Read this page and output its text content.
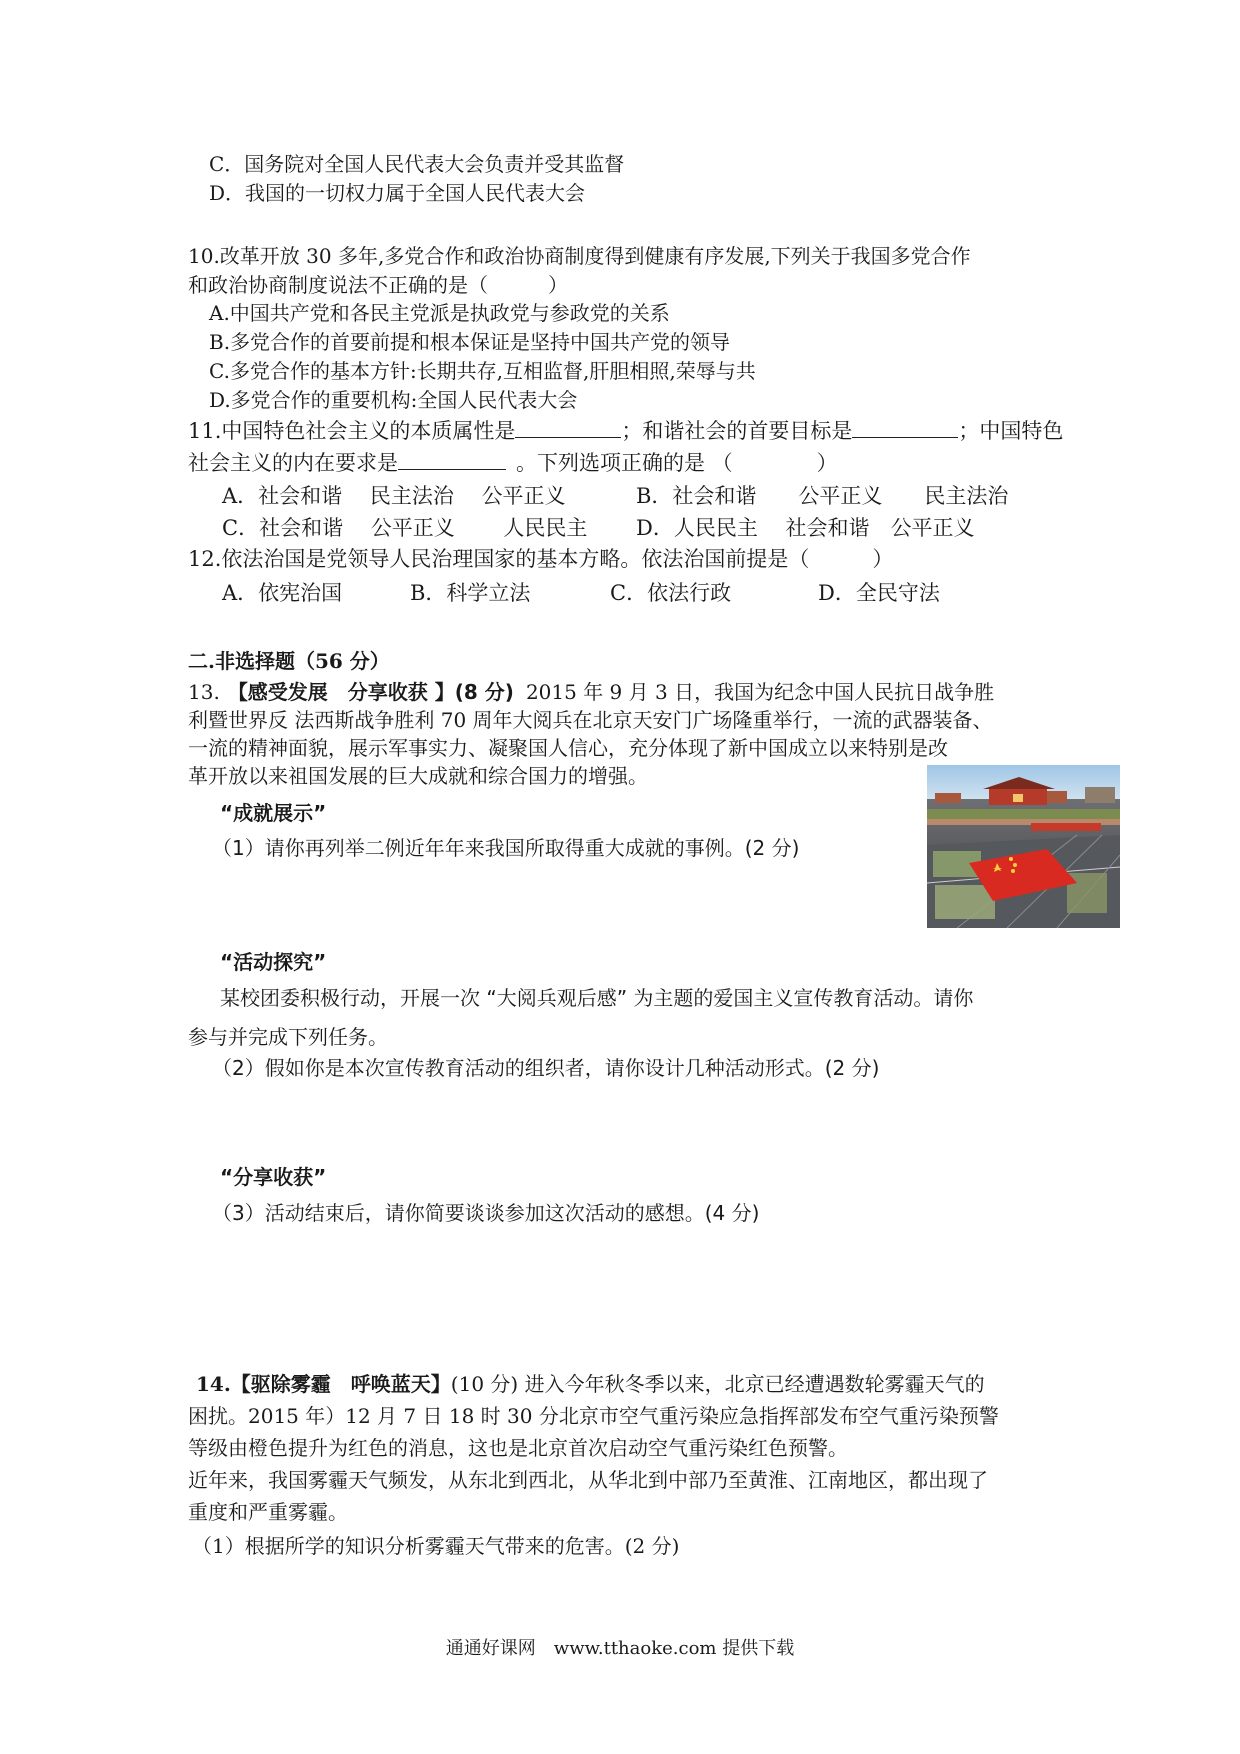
C．国务院对全国人民代表大会负责并受其监督
D．我国的一切权力属于全国人民代表大会
10.改革开放 30 多年,多党合作和政治协商制度得到健康有序发展,下列关于我国多党合作
和政治协商制度说法不正确的是（　　　）
A.中国共产党和各民主党派是执政党与参政党的关系
B.多党合作的首要前提和根本保证是坚持中国共产党的领导
C.多党合作的基本方针:长期共存,互相监督,肝胆相照,荣辱与共
D.多党合作的重要机构:全国人民代表大会
11.中国特色社会主义的本质属性是	；和谐社会的首要目标是	；中国特色
社会主义的内在要求是	。下列选项正确的是 （　　　　）
A．社会和谐　 民主法治　 公平正义	B．社会和谐　　公平正义　　民主法治
C．社会和谐　 公平正义　　 人民民主 D．人民民主　 社会和谐　公平正义
12.依法治国是党领导人民治理国家的基本方略。依法治国前提是（　　　）
A．依宪治国	B．科学立法	C．依法行政	D．全民守法
二.非选择题（56 分）
13. 【感受发展　分享收获 】(8 分) 2015 年 9 月 3 日，我国为纪念中国人民抗日战争胜
利暨世界反 法西斯战争胜利 70 周年大阅兵在北京天安门广场隆重举行，一流的武器装备、
一流的精神面貌，展示军事实力、凝聚国人信心，充分体现了新中国成立以来特别是改
革开放以来祖国发展的巨大成就和综合国力的增强。
“成就展示”
（1）请你再列举二例近年年来我国所取得重大成就的事例。(2 分)
“活动探究”
某校团委积极行动，开展一次 “大阅兵观后感” 为主题的爱国主义宣传教育活动。请你
参与并完成下列任务。
（2）假如你是本次宣传教育活动的组织者，请你设计几种活动形式。(2 分)
“分享收获”
（3）活动结束后，请你简要谈谈参加这次活动的感想。(4 分)
14.【驱除雾霾　呼唤蓝天】(10 分) 进入今年秋冬季以来，北京已经遭遇数轮雾霾天气的
困扰。2015 年）12 月 7 日 18 时 30 分北京市空气重污染应急指挥部发布空气重污染预警
等级由橙色提升为红色的消息，这也是北京首次启动空气重污染红色预警。
近年来，我国雾霾天气频发，从东北到西北，从华北到中部乃至黄淮、江南地区，都出现了
重度和严重雾霾。
（1）根据所学的知识分析雾霾天气带来的危害。(2 分)
通通好课网　www.tthaoke.com 提供下载
